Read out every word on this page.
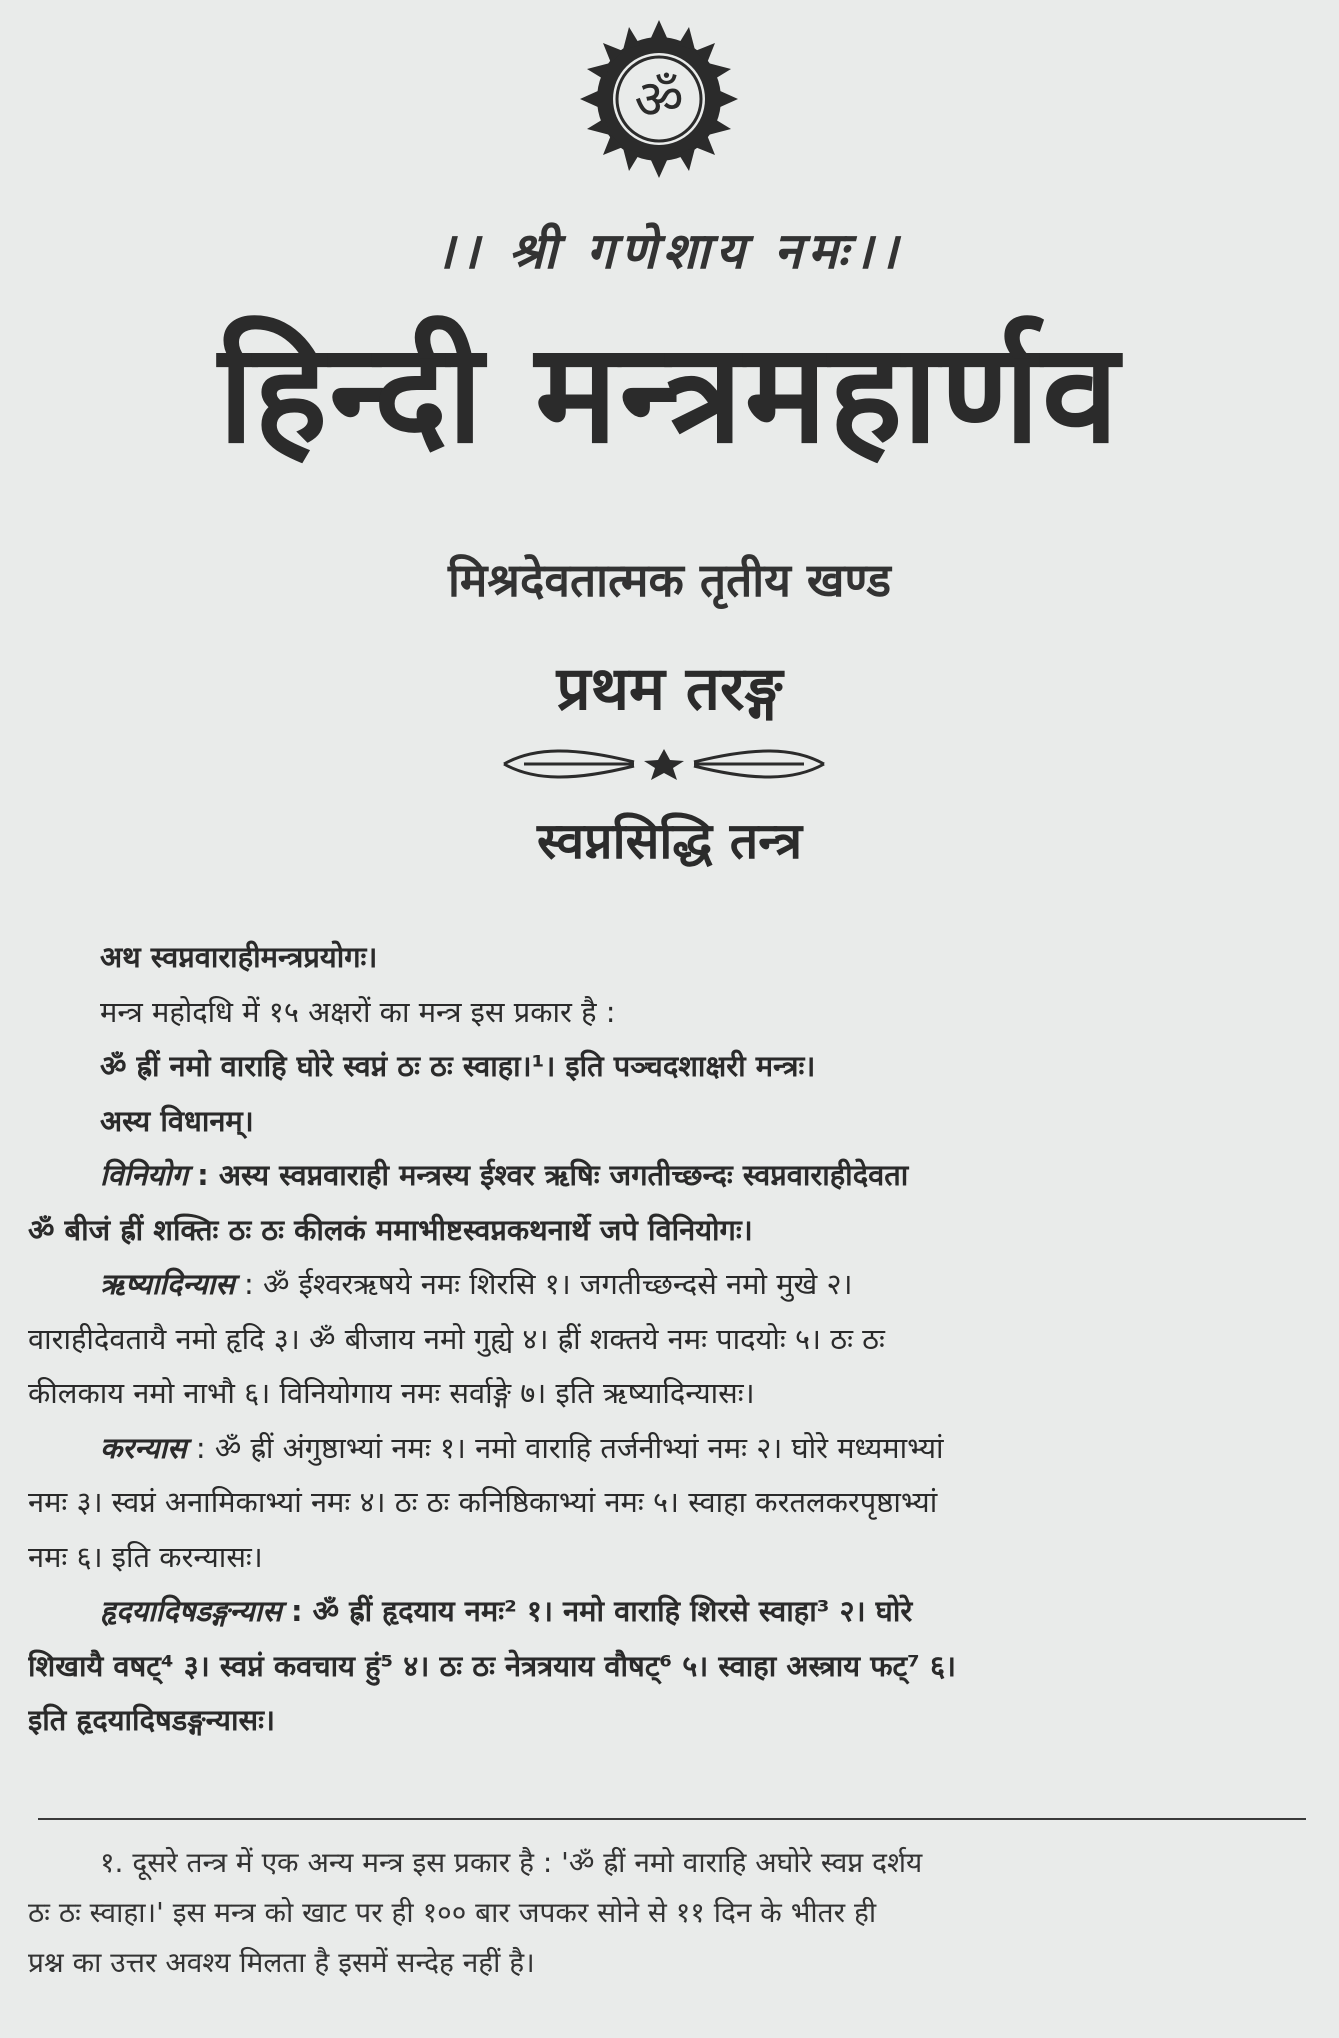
ॐ
।। श्री गणेशाय नमः।।
हिन्दी मन्त्रमहार्णव
मिश्रदेवतात्मक तृतीय खण्ड
प्रथम तरङ्ग
स्वप्नसिद्धि तन्त्र
अथ स्वप्नवाराहीमन्त्रप्रयोगः।
मन्त्र महोदधि में १५ अक्षरों का मन्त्र इस प्रकार है :
ॐ ह्रीं नमो वाराहि घोरे स्वप्नं ठः ठः स्वाहा।¹। इति पञ्चदशाक्षरी मन्त्रः।
अस्य विधानम्।
विनियोग : अस्य स्वप्नवाराही मन्त्रस्य ईश्वर ऋषिः जगतीच्छन्दः स्वप्नवाराहीदेवता
ॐ बीजं ह्रीं शक्तिः ठः ठः कीलकं ममाभीष्टस्वप्नकथनार्थे जपे विनियोगः।
ऋष्यादिन्यास : ॐ ईश्वरऋषये नमः शिरसि १। जगतीच्छन्दसे नमो मुखे २।
वाराहीदेवतायै नमो हृदि ३। ॐ बीजाय नमो गुह्ये ४। ह्रीं शक्तये नमः पादयोः ५। ठः ठः
कीलकाय नमो नाभौ ६। विनियोगाय नमः सर्वाङ्गे ७। इति ऋष्यादिन्यासः।
करन्यास : ॐ ह्रीं अंगुष्ठाभ्यां नमः १। नमो वाराहि तर्जनीभ्यां नमः २। घोरे मध्यमाभ्यां
नमः ३। स्वप्नं अनामिकाभ्यां नमः ४। ठः ठः कनिष्ठिकाभ्यां नमः ५। स्वाहा करतलकरपृष्ठाभ्यां
नमः ६। इति करन्यासः।
हृदयादिषडङ्गन्यास : ॐ ह्रीं हृदयाय नमः² १। नमो वाराहि शिरसे स्वाहा³ २। घोरे
शिखायै वषट्⁴ ३। स्वप्नं कवचाय हुं⁵ ४। ठः ठः नेत्रत्रयाय वौषट्⁶ ५। स्वाहा अस्त्राय फट्⁷ ६।
इति हृदयादिषडङ्गन्यासः।
१. दूसरे तन्त्र में एक अन्य मन्त्र इस प्रकार है : 'ॐ ह्रीं नमो वाराहि अघोरे स्वप्न दर्शय
ठः ठः स्वाहा।' इस मन्त्र को खाट पर ही १०० बार जपकर सोने से ११ दिन के भीतर ही
प्रश्न का उत्तर अवश्य मिलता है इसमें सन्देह नहीं है।
